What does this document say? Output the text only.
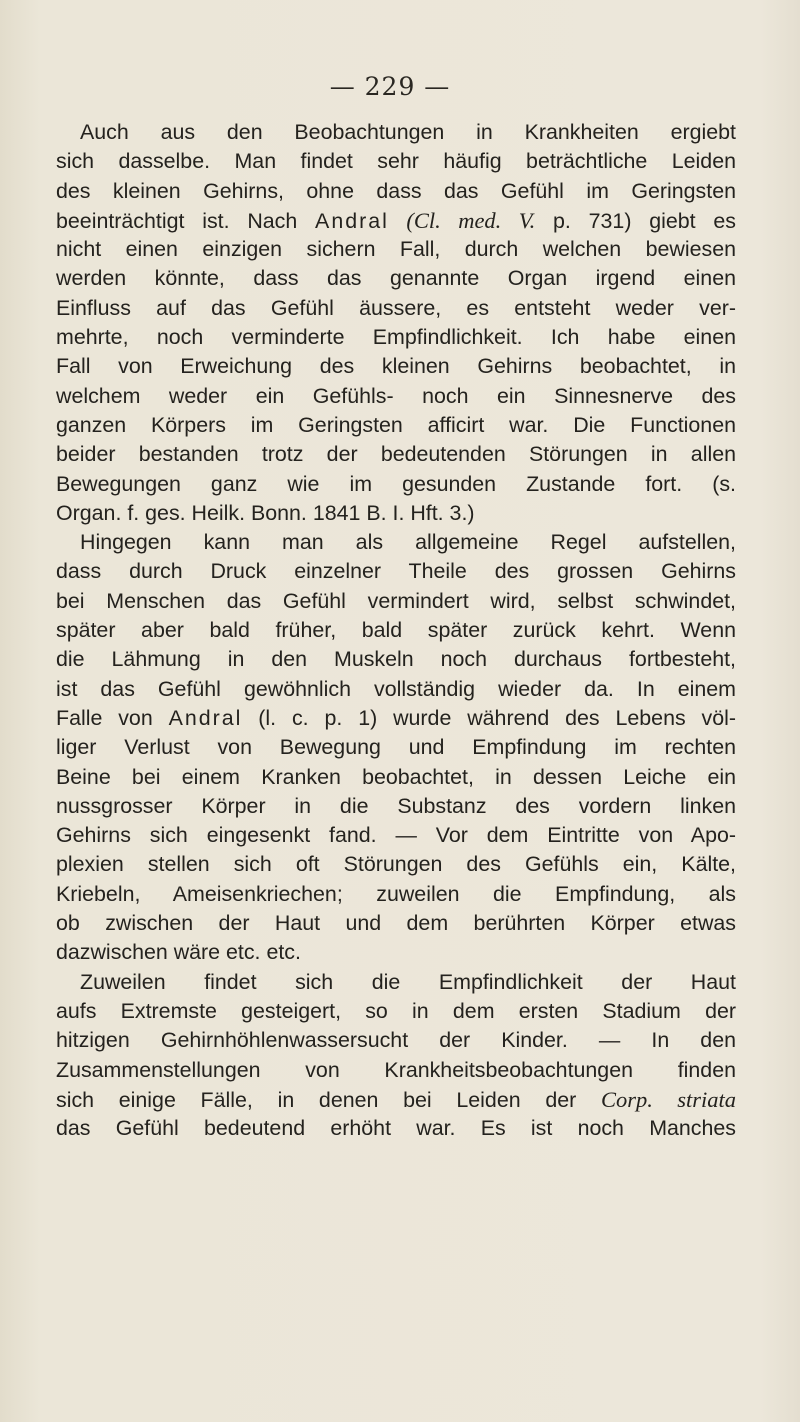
— 229 —
Auch aus den Beobachtungen in Krankheiten ergiebt
sich dasselbe. Man findet sehr häufig beträchtliche Leiden
des kleinen Gehirns, ohne dass das Gefühl im Geringsten
beeinträchtigt ist. Nach Andral (Cl. med. V. p. 731) giebt es
nicht einen einzigen sichern Fall, durch welchen bewiesen
werden könnte, dass das genannte Organ irgend einen
Einfluss auf das Gefühl äussere, es entsteht weder ver-
mehrte, noch verminderte Empfindlichkeit. Ich habe einen
Fall von Erweichung des kleinen Gehirns beobachtet, in
welchem weder ein Gefühls- noch ein Sinnesnerve des
ganzen Körpers im Geringsten afficirt war. Die Functionen
beider bestanden trotz der bedeutenden Störungen in allen
Bewegungen ganz wie im gesunden Zustande fort. (s.
Organ. f. ges. Heilk. Bonn. 1841 B. I. Hft. 3.)
Hingegen kann man als allgemeine Regel aufstellen,
dass durch Druck einzelner Theile des grossen Gehirns
bei Menschen das Gefühl vermindert wird, selbst schwindet,
später aber bald früher, bald später zurück kehrt. Wenn
die Lähmung in den Muskeln noch durchaus fortbesteht,
ist das Gefühl gewöhnlich vollständig wieder da. In einem
Falle von Andral (l. c. p. 1) wurde während des Lebens völ-
liger Verlust von Bewegung und Empfindung im rechten
Beine bei einem Kranken beobachtet, in dessen Leiche ein
nussgrosser Körper in die Substanz des vordern linken
Gehirns sich eingesenkt fand. — Vor dem Eintritte von Apo-
plexien stellen sich oft Störungen des Gefühls ein, Kälte,
Kriebeln, Ameisenkriechen; zuweilen die Empfindung, als
ob zwischen der Haut und dem berührten Körper etwas
dazwischen wäre etc. etc.
Zuweilen findet sich die Empfindlichkeit der Haut
aufs Extremste gesteigert, so in dem ersten Stadium der
hitzigen Gehirnhöhlenwassersucht der Kinder. — In den
Zusammenstellungen von Krankheitsbeobachtungen finden
sich einige Fälle, in denen bei Leiden der Corp. striata
das Gefühl bedeutend erhöht war. Es ist noch Manches
